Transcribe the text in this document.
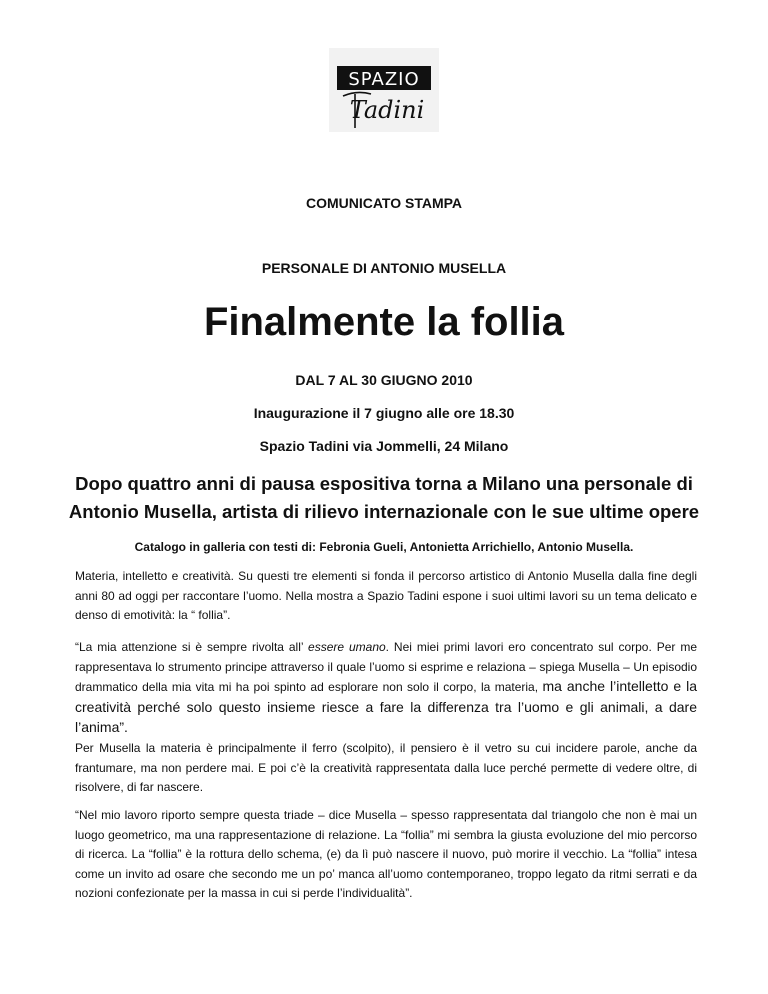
SPAZIO
Tadini
COMUNICATO STAMPA
PERSONALE DI ANTONIO MUSELLA
Finalmente la follia
DAL 7 AL 30 GIUGNO 2010
Inaugurazione il 7 giugno alle ore 18.30
Spazio Tadini via Jommelli, 24 Milano
Dopo quattro anni di pausa espositiva torna a Milano una personale di
Antonio Musella, artista di rilievo internazionale con le sue ultime opere
Catalogo in galleria con testi di: Febronia Gueli, Antonietta Arrichiello, Antonio Musella.

Materia, intelletto e creatività. Su questi tre elementi si fonda il percorso artistico di Antonio Musella dalla fine degli anni 80 ad oggi per raccontare l’uomo. Nella mostra a Spazio Tadini espone i suoi ultimi lavori su un tema delicato e denso di emotività: la “ follia”.

“La mia attenzione si è sempre rivolta all’ essere umano. Nei miei primi lavori ero concentrato sul corpo. Per me rappresentava lo strumento principe attraverso il quale l’uomo si esprime e relaziona – spiega Musella – Un episodio drammatico della mia vita mi ha poi spinto ad esplorare non solo il corpo, la materia, ma anche l’intelletto e la creatività perché solo questo insieme riesce a fare la differenza tra l’uomo e gli animali, a dare l’anima”.

Per Musella la materia è principalmente il ferro (scolpito), il pensiero è il vetro su cui incidere parole, anche da frantumare, ma non perdere mai. E poi c’è la creatività rappresentata dalla luce perché permette di vedere oltre, di risolvere, di far nascere.

“Nel mio lavoro riporto sempre questa triade – dice Musella – spesso rappresentata dal triangolo che non è mai un luogo geometrico, ma una rappresentazione di relazione. La “follia” mi sembra la giusta evoluzione del mio percorso di ricerca. La “follia” è la rottura dello schema, (e) da lì può nascere il nuovo, può morire il vecchio. La “follia” intesa come un invito ad osare che secondo me un po’ manca all’uomo contemporaneo, troppo legato da ritmi serrati e da nozioni confezionate per la massa in cui si perde l’individualità”.
